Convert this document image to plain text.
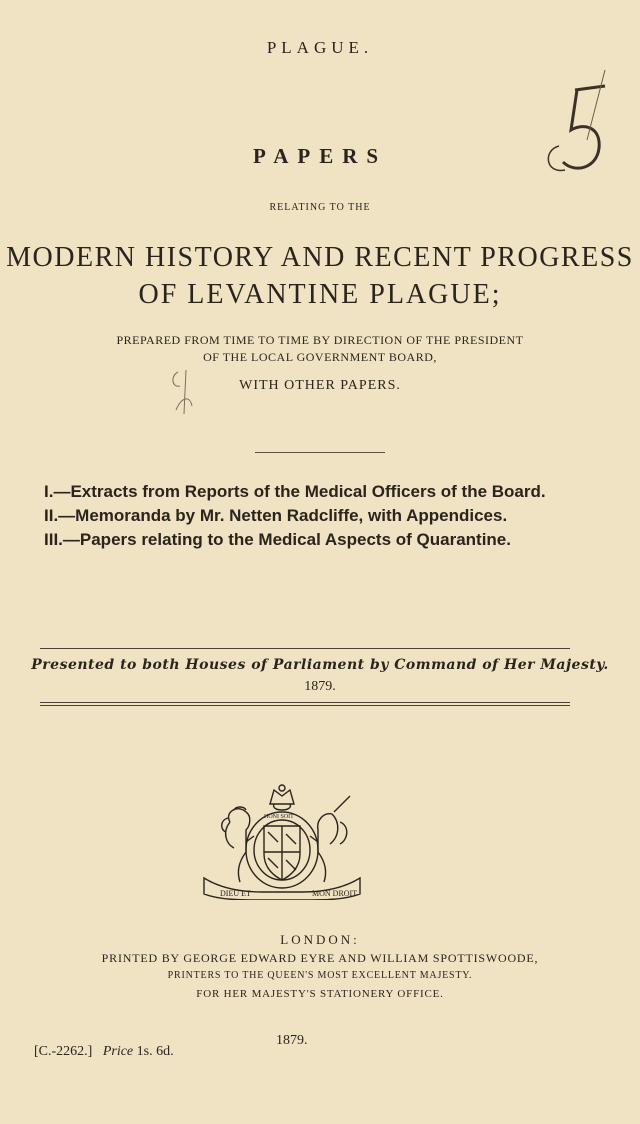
PLAGUE.
PAPERS
RELATING TO THE
MODERN HISTORY AND RECENT PROGRESS
OF LEVANTINE PLAGUE;
PREPARED FROM TIME TO TIME BY DIRECTION OF THE PRESIDENT
OF THE LOCAL GOVERNMENT BOARD,
WITH OTHER PAPERS.
I.—Extracts from Reports of the Medical Officers of the Board.
II.—Memoranda by Mr. Netten Radcliffe, with Appendices.
III.—Papers relating to the Medical Aspects of Quarantine.
Presented to both Houses of Parliament by Command of Her Majesty.
1879.
DIEU ET	MON DROIT
HONI SOIT
LONDON:
PRINTED BY GEORGE EDWARD EYRE AND WILLIAM SPOTTISWOODE,
PRINTERS TO THE QUEEN'S MOST EXCELLENT MAJESTY.
FOR HER MAJESTY'S STATIONERY OFFICE.
1879.
[C.-2262.] Price 1s. 6d.
